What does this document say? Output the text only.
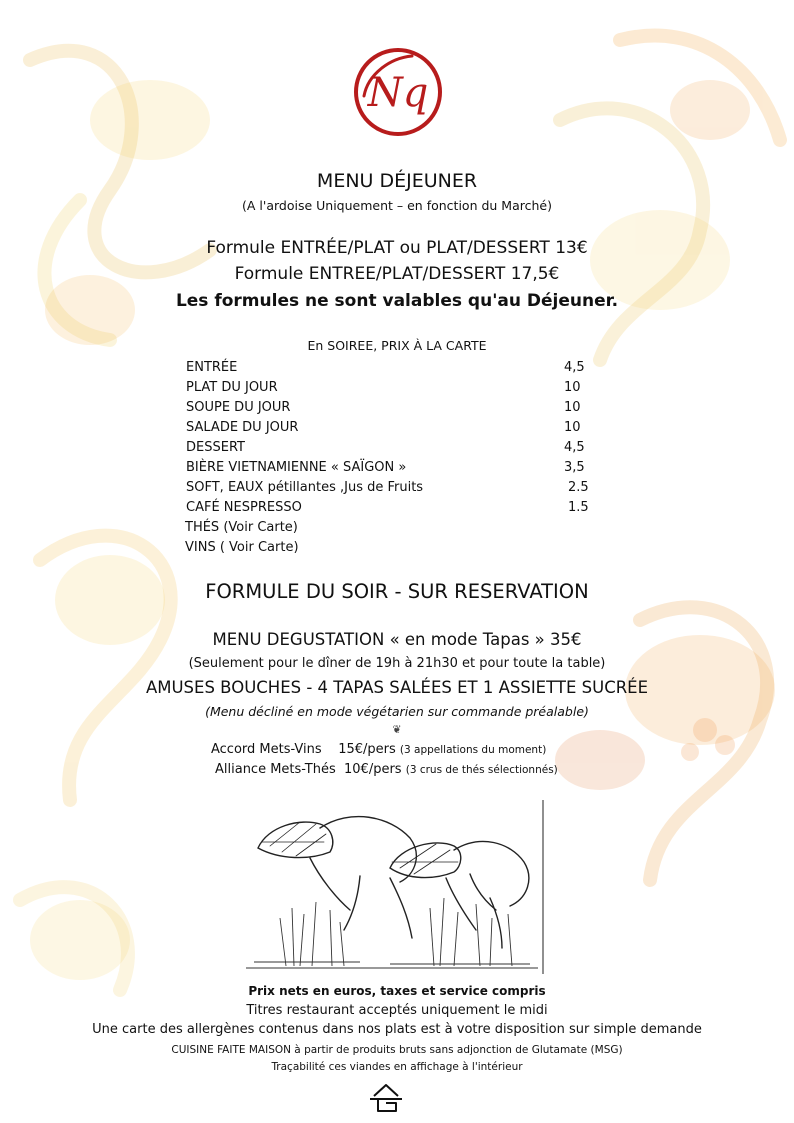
Nq
MENU DÉJEUNER
(A l'ardoise Uniquement – en fonction du Marché)
Formule ENTRÉE/PLAT ou PLAT/DESSERT 13€
Formule ENTREE/PLAT/DESSERT 17,5€
Les formules ne sont valables qu'au Déjeuner.
En SOIREE, PRIX À LA CARTE
ENTRÉE	4,5
PLAT DU JOUR	10
SOUPE DU JOUR	10
SALADE DU JOUR	10
DESSERT	4,5
BIÈRE VIETNAMIENNE « SAÏGON »	3,5
SOFT, EAUX pétillantes ,Jus de Fruits	2.5
CAFÉ NESPRESSO	1.5
THÉS (Voir Carte)
VINS ( Voir Carte)
FORMULE DU SOIR - SUR RESERVATION
MENU DEGUSTATION « en mode Tapas » 35€
(Seulement pour le dîner de 19h à 21h30 et pour toute la table)
AMUSES BOUCHES - 4 TAPAS SALÉES ET 1 ASSIETTE SUCRÉE
(Menu décliné en mode végétarien sur commande préalable)
❦
Accord Mets-Vins 15€/pers (3 appellations du moment)
Alliance Mets-Thés 10€/pers (3 crus de thés sélectionnés)
Prix nets en euros, taxes et service compris
Titres restaurant acceptés uniquement le midi
Une carte des allergènes contenus dans nos plats est à votre disposition sur simple demande
CUISINE FAITE MAISON à partir de produits bruts sans adjonction de Glutamate (MSG)
Traçabilité ces viandes en affichage à l'intérieur
